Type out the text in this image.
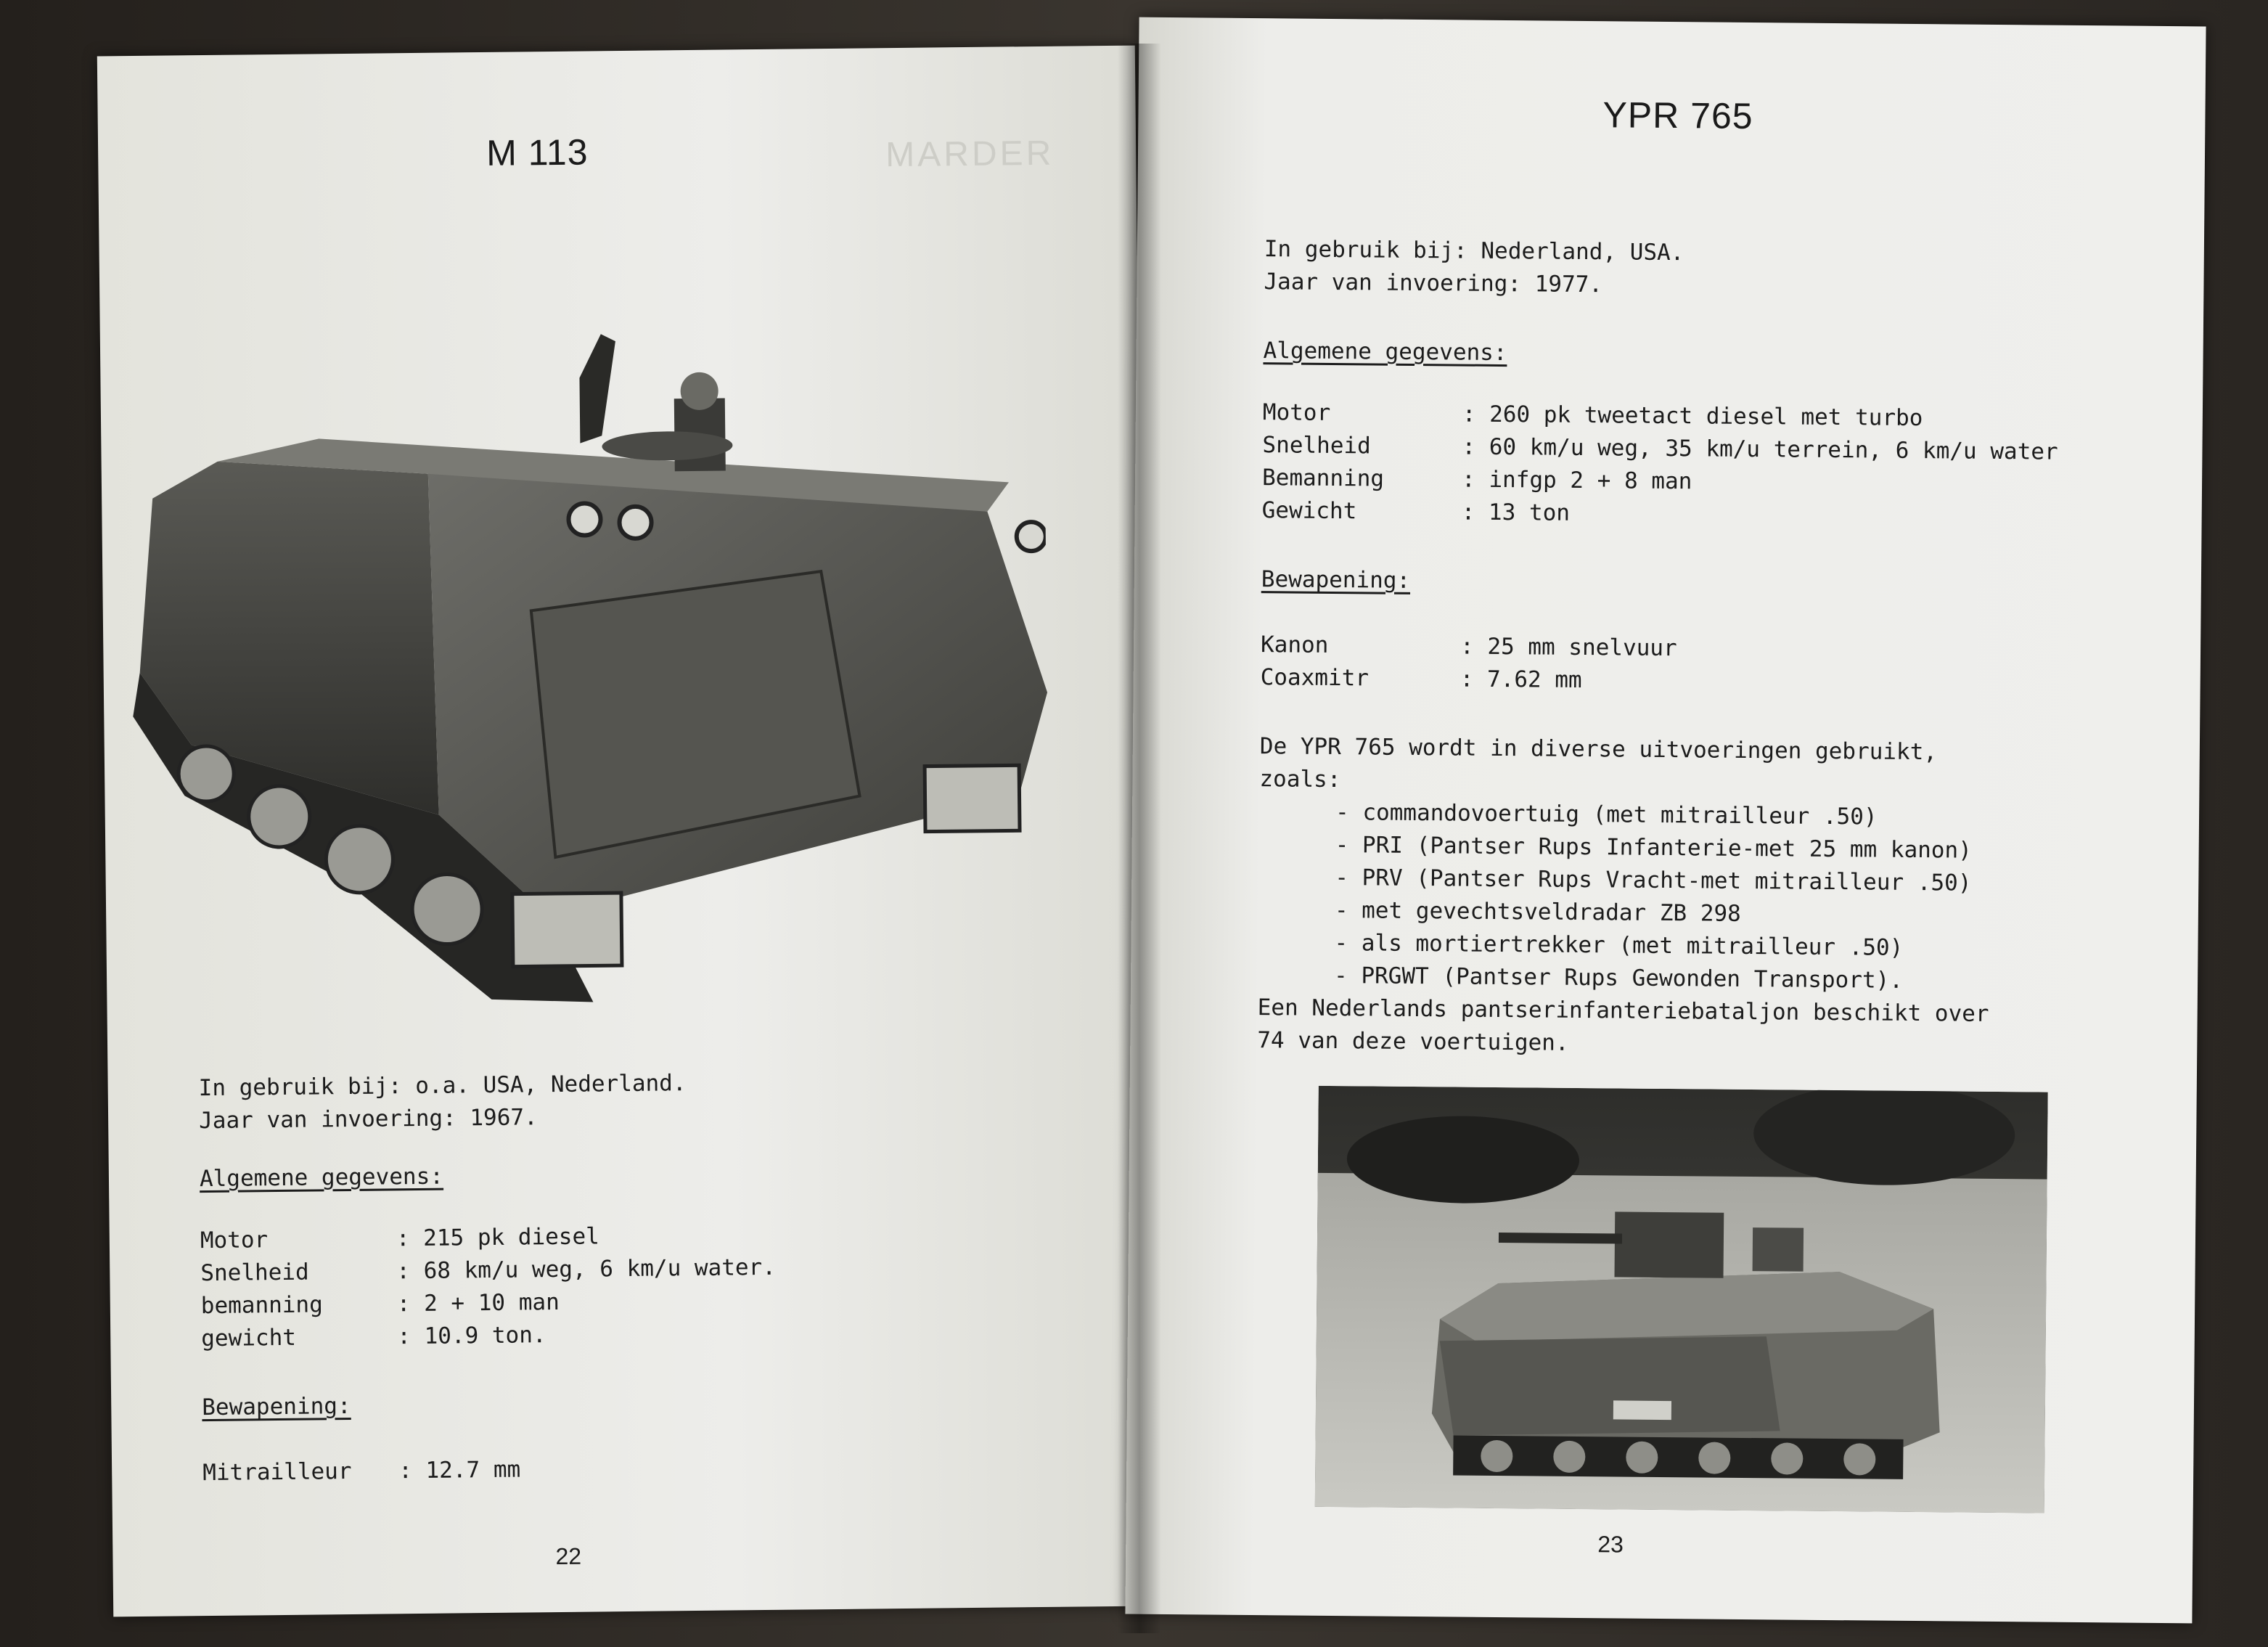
MARDER
M 113
In gebruik bij: o.a. USA, Nederland.
Jaar van invoering: 1967.
Algemene gegevens:
Motor	: 215 pk diesel
Snelheid	: 68 km/u weg, 6 km/u water.
bemanning	: 2 + 10 man
gewicht	: 10.9 ton.
Bewapening:
Mitrailleur : 12.7 mm
22
YPR 765
In gebruik bij: Nederland, USA.
Jaar van invoering: 1977.
Algemene gegevens:
Motor	: 260 pk tweetact diesel met turbo
Snelheid	: 60 km/u weg, 35 km/u terrein, 6 km/u water
Bemanning	: infgp 2 + 8 man
Gewicht	: 13 ton
Bewapening:
Kanon	: 25 mm snelvuur
Coaxmitr	: 7.62 mm
De YPR 765 wordt in diverse uitvoeringen gebruikt,
zoals:
- commandovoertuig (met mitrailleur .50)
- PRI (Pantser Rups Infanterie-met 25 mm kanon)
- PRV (Pantser Rups Vracht-met mitrailleur .50)
- met gevechtsveldradar ZB 298
- als mortiertrekker (met mitrailleur .50)
- PRGWT (Pantser Rups Gewonden Transport).
Een Nederlands pantserinfanteriebataljon beschikt over
74 van deze voertuigen.
23
